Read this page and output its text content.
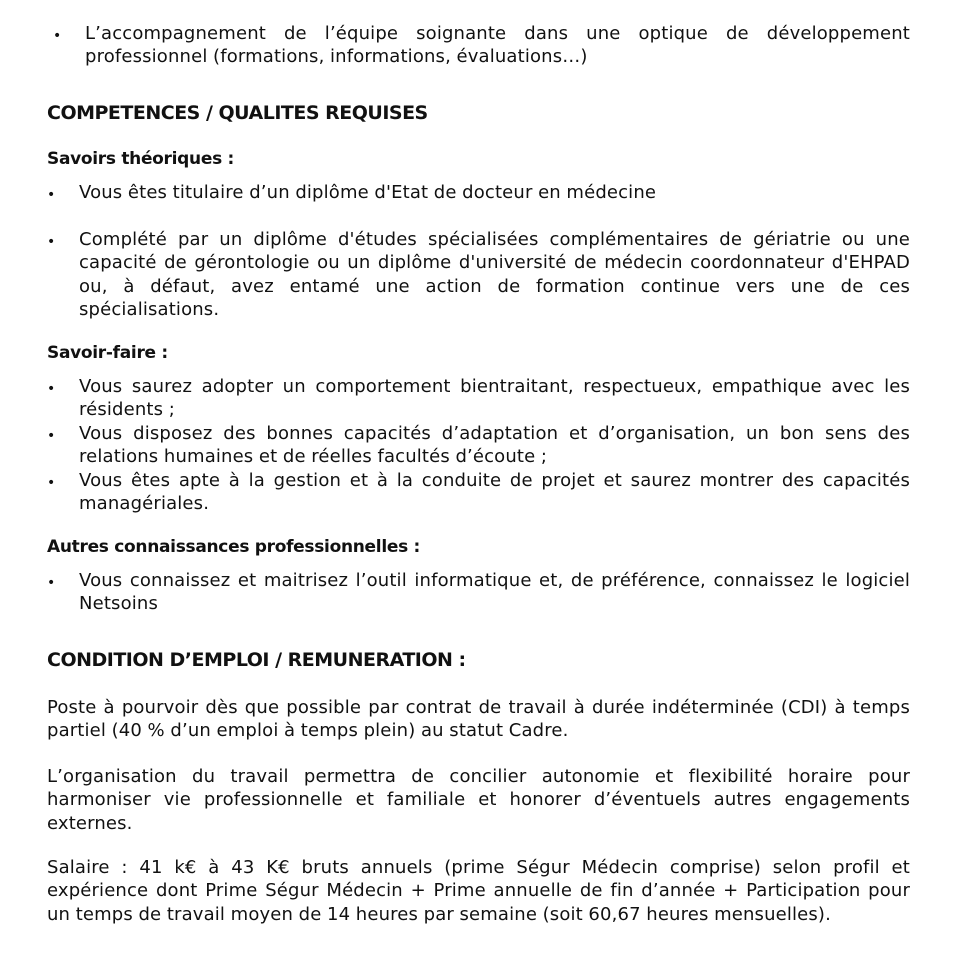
•	L’accompagnement de l’équipe soignante dans une optique de développement professionnel (formations, informations, évaluations…)
COMPETENCES / QUALITES REQUISES
Savoirs théoriques :
•	Vous êtes titulaire d’un diplôme d'Etat de docteur en médecine
•	Complété par un diplôme d'études spécialisées complémentaires de gériatrie ou une capacité de gérontologie ou un diplôme d'université de médecin coordonnateur d'EHPAD ou, à défaut, avez entamé une action de formation continue vers une de ces spécialisations.
Savoir-faire :
•	Vous saurez adopter un comportement bientraitant, respectueux, empathique avec les résidents ;
•	Vous disposez des bonnes capacités d’adaptation et d’organisation, un bon sens des relations humaines et de réelles facultés d’écoute ;
•	Vous êtes apte à la gestion et à la conduite de projet et saurez montrer des capacités managériales.
Autres connaissances professionnelles :
•	Vous connaissez et maitrisez l’outil informatique et, de préférence, connaissez le logiciel Netsoins
CONDITION D’EMPLOI / REMUNERATION :

Poste à pourvoir dès que possible par contrat de travail à durée indéterminée (CDI) à temps partiel (40 % d’un emploi à temps plein) au statut Cadre.

L’organisation du travail permettra de concilier autonomie et flexibilité horaire pour harmoniser vie professionnelle et familiale et honorer d’éventuels autres engagements externes.

Salaire : 41 k€ à 43 K€ bruts annuels (prime Ségur Médecin comprise) selon profil et expérience dont Prime Ségur Médecin + Prime annuelle de fin d’année + Participation pour un temps de travail moyen de 14 heures par semaine (soit 60,67 heures mensuelles).
